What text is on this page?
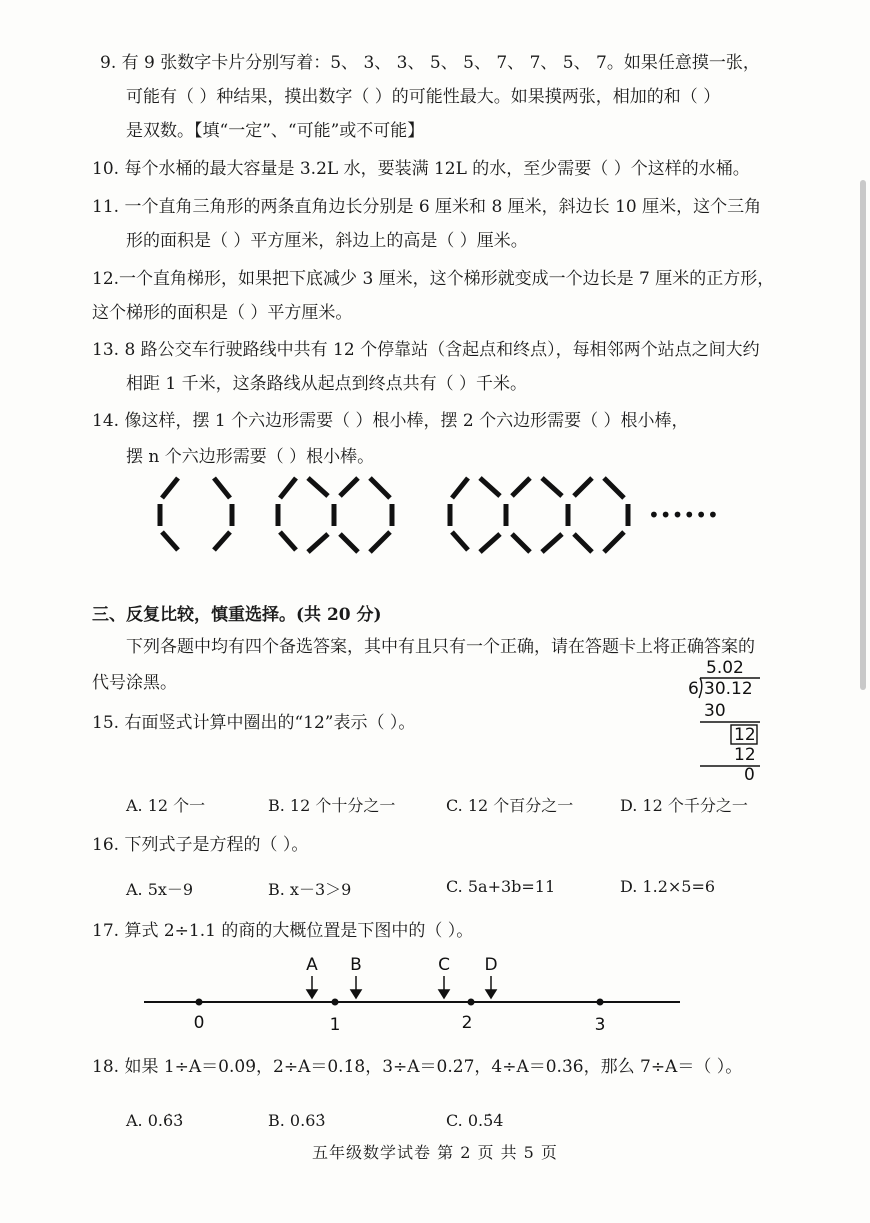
9. 有 9 张数字卡片分别写着：5、 3、 3、 5、 5、 7、 7、 5、 7。如果任意摸一张，
可能有（ ）种结果，摸出数字（ ）的可能性最大。如果摸两张，相加的和（ ）
是双数。【填“一定”、“可能”或不可能】
10. 每个水桶的最大容量是 3.2L 水，要装满 12L 的水，至少需要（ ）个这样的水桶。
11. 一个直角三角形的两条直角边长分别是 6 厘米和 8 厘米，斜边长 10 厘米，这个三角
形的面积是（ ）平方厘米，斜边上的高是（ ）厘米。
12.一个直角梯形，如果把下底减少 3 厘米，这个梯形就变成一个边长是 7 厘米的正方形，
这个梯形的面积是（ ）平方厘米。
13. 8 路公交车行驶路线中共有 12 个停靠站（含起点和终点），每相邻两个站点之间大约
相距 1 千米，这条路线从起点到终点共有（ ）千米。
14. 像这样，摆 1 个六边形需要（ ）根小棒，摆 2 个六边形需要（ ）根小棒，
摆 n 个六边形需要（ ）根小棒。
••••••
三、反复比较，慎重选择。(共 20 分)
下列各题中均有四个备选答案，其中有且只有一个正确，请在答题卡上将正确答案的
代号涂黑。
5.02
6 30.12
30
12
12
0
15. 右面竖式计算中圈出的“12”表示（ ）。
A. 12 个一	B. 12 个十分之一	C. 12 个百分之一	D. 12 个千分之一
16. 下列式子是方程的（ ）。
A. 5x－9	B. x－3＞9	C. 5a+3b=11	D. 1.2×5=6
17. 算式 2÷1.1 的商的大概位置是下图中的（ ）。
0	1	2	3
A B	C D
18. 如果 1÷A＝0.0̇9̇，2÷A＝0.1̇8̇，3÷A＝0.2̇7̇，4÷A＝0.3̇6̇，那么 7÷A＝（ ）。
A. 0.6̇3̇	B. 0.63̇	C. 0.5̇4̇
五年级数学试卷 第 2 页 共 5 页
